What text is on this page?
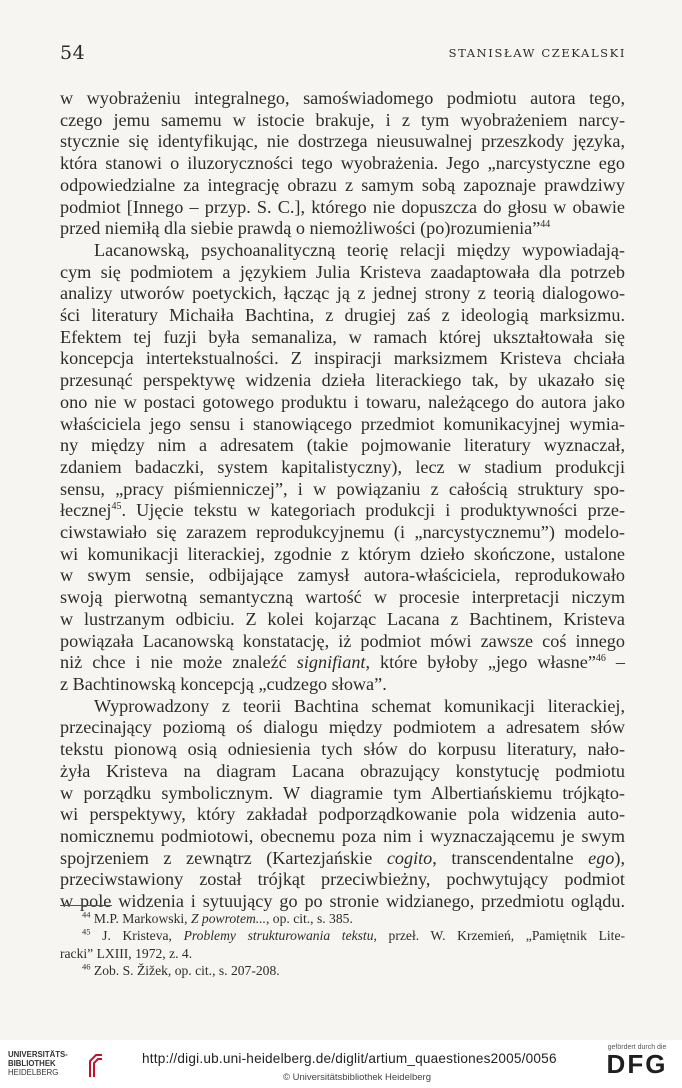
54	STANISŁAW CZEKALSKI
w wyobrażeniu integralnego, samoświadomego podmiotu autora tego,
czego jemu samemu w istocie brakuje, i z tym wyobrażeniem narcy-
stycznie się identyfikując, nie dostrzega nieusuwalnej przeszkody języka,
która stanowi o iluzoryczności tego wyobrażenia. Jego „narcystyczne ego
odpowiedzialne za integrację obrazu z samym sobą zapoznaje prawdziwy
podmiot [Innego – przyp. S. C.], którego nie dopuszcza do głosu w obawie
przed niemiłą dla siebie prawdą o niemożliwości (po)rozumienia”$^{44}$
Lacanowską, psychoanalityczną teorię relacji między wypowiadają-
cym się podmiotem a językiem Julia Kristeva zaadaptowała dla potrzeb
analizy utworów poetyckich, łącząc ją z jednej strony z teorią dialogowo-
ści literatury Michaiła Bachtina, z drugiej zaś z ideologią marksizmu.
Efektem tej fuzji była semanaliza, w ramach której ukształtowała się
koncepcja intertekstualności. Z inspiracji marksizmem Kristeva chciała
przesunąć perspektywę widzenia dzieła literackiego tak, by ukazało się
ono nie w postaci gotowego produktu i towaru, należącego do autora jako
właściciela jego sensu i stanowiącego przedmiot komunikacyjnej wymia-
ny między nim a adresatem (takie pojmowanie literatury wyznaczał,
zdaniem badaczki, system kapitalistyczny), lecz w stadium produkcji
sensu, „pracy piśmienniczej”, i w powiązaniu z całością struktury spo-
łecznej$^{45}$. Ujęcie tekstu w kategoriach produkcji i produktywności prze-
ciwstawiało się zarazem reprodukcyjnemu (i „narcystycznemu”) modelo-
wi komunikacji literackiej, zgodnie z którym dzieło skończone, ustalone
w swym sensie, odbijające zamysł autora-właściciela, reprodukowało
swoją pierwotną semantyczną wartość w procesie interpretacji niczym
w lustrzanym odbiciu. Z kolei kojarząc Lacana z Bachtinem, Kristeva
powiązała Lacanowską konstatację, iż podmiot mówi zawsze coś innego
niż chce i nie może znaleźć signifiant, które byłoby „jego własne”$^{46}$ –
z Bachtinowską koncepcją „cudzego słowa”.
Wyprowadzony z teorii Bachtina schemat komunikacji literackiej,
przecinający poziomą oś dialogu między podmiotem a adresatem słów
tekstu pionową osią odniesienia tych słów do korpusu literatury, nało-
żyła Kristeva na diagram Lacana obrazujący konstytucję podmiotu
w porządku symbolicznym. W diagramie tym Albertiańskiemu trójkąto-
wi perspektywy, który zakładał podporządkowanie pola widzenia auto-
nomicznemu podmiotowi, obecnemu poza nim i wyznaczającemu je swym
spojrzeniem z zewnątrz (Kartezjańskie cogito, transcendentalne ego),
przeciwstawiony został trójkąt przeciwbieżny, pochwytujący podmiot
w pole widzenia i sytuujący go po stronie widzianego, przedmiotu oglądu.
$^{44}$ M.P. Markowski, Z powrotem..., op. cit., s. 385.
$^{45}$ J. Kristeva, Problemy strukturowania tekstu, przeł. W. Krzemień, „Pamiętnik Lite-
racki” LXIII, 1972, z. 4.
$^{46}$ Zob. S. Žižek, op. cit., s. 207-208.
UNIVERSITÄTS-
BIBLIOTHEK
HEIDELBERG
http://digi.ub.uni-heidelberg.de/diglit/artium_quaestiones2005/0056
© Universitätsbibliothek Heidelberg
gefördert durch die
DFG
